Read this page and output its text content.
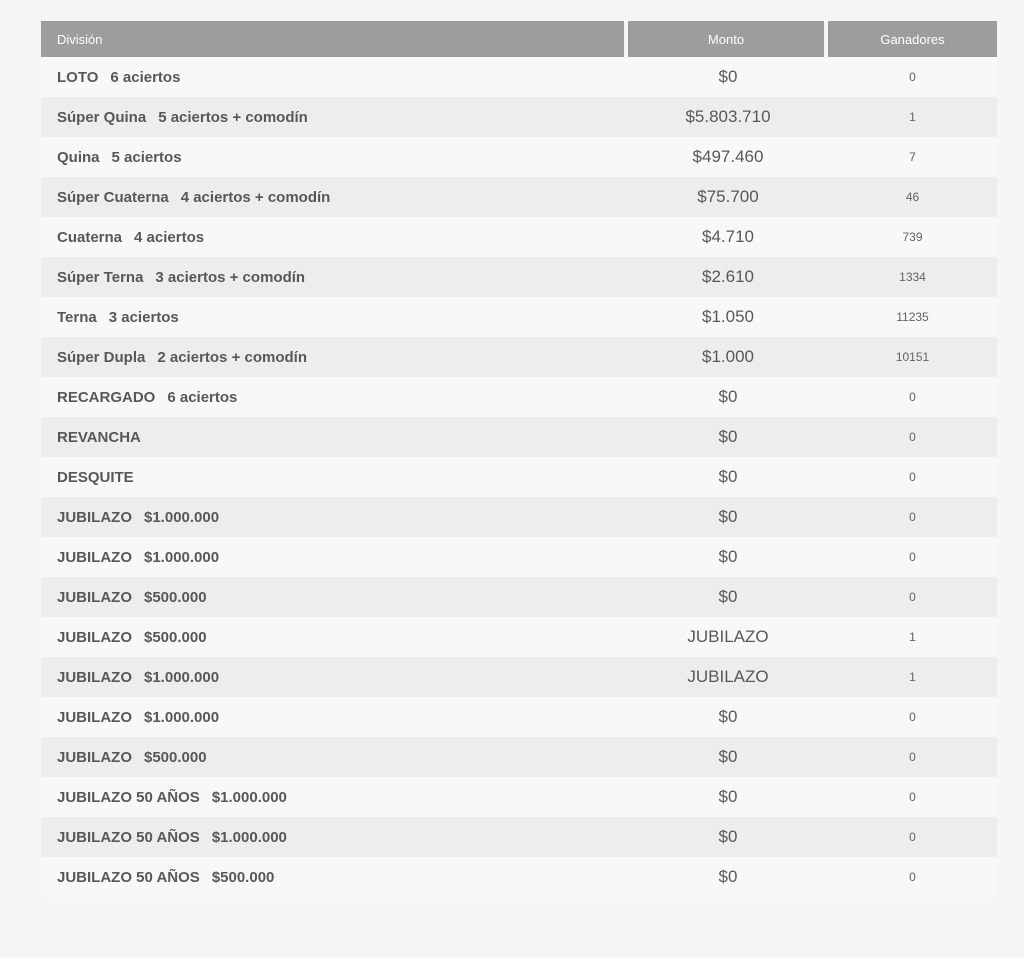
División	Monto	Ganadores
LOTO 6 aciertos	$0	0
Súper Quina 5 aciertos + comodín	$5.803.710	1
Quina 5 aciertos	$497.460	7
Súper Cuaterna 4 aciertos + comodín	$75.700	46
Cuaterna 4 aciertos	$4.710	739
Súper Terna 3 aciertos + comodín	$2.610	1334
Terna 3 aciertos	$1.050	11235
Súper Dupla 2 aciertos + comodín	$1.000	10151
RECARGADO 6 aciertos	$0	0
REVANCHA	$0	0
DESQUITE	$0	0
JUBILAZO $1.000.000	$0	0
JUBILAZO $1.000.000	$0	0
JUBILAZO $500.000	$0	0
JUBILAZO $500.000	JUBILAZO	1
JUBILAZO $1.000.000	JUBILAZO	1
JUBILAZO $1.000.000	$0	0
JUBILAZO $500.000	$0	0
JUBILAZO 50 AÑOS $1.000.000	$0	0
JUBILAZO 50 AÑOS $1.000.000	$0	0
JUBILAZO 50 AÑOS $500.000	$0	0
